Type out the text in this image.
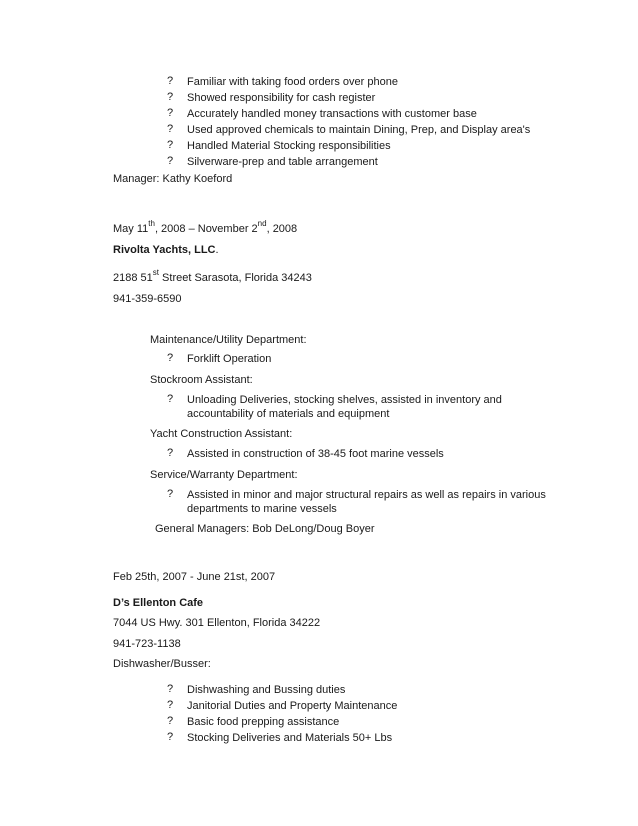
?	Familiar with taking food orders over phone
?	Showed responsibility for cash register
?	Accurately handled money transactions with customer base
?	Used approved chemicals to maintain Dining, Prep, and Display area's
?	Handled Material Stocking responsibilities
?	Silverware-prep and table arrangement
Manager: Kathy Koeford
May 11th, 2008 – November 2nd, 2008
Rivolta Yachts, LLC.
2188 51st Street Sarasota, Florida 34243
941-359-6590
Maintenance/Utility Department:
?	Forklift Operation
Stockroom Assistant:
?	Unloading Deliveries, stocking shelves, assisted in inventory and accountability of materials and equipment
Yacht Construction Assistant:
?	Assisted in construction of 38-45 foot marine vessels
Service/Warranty Department:
?	Assisted in minor and major structural repairs as well as repairs in various departments to marine vessels
General Managers: Bob DeLong/Doug Boyer
Feb 25th, 2007 - June 21st, 2007
D’s Ellenton Cafe
7044 US Hwy. 301 Ellenton, Florida 34222
941-723-1138
Dishwasher/Busser:
?	Dishwashing and Bussing duties
?	Janitorial Duties and Property Maintenance
?	Basic food prepping assistance
?	Stocking Deliveries and Materials 50+ Lbs
